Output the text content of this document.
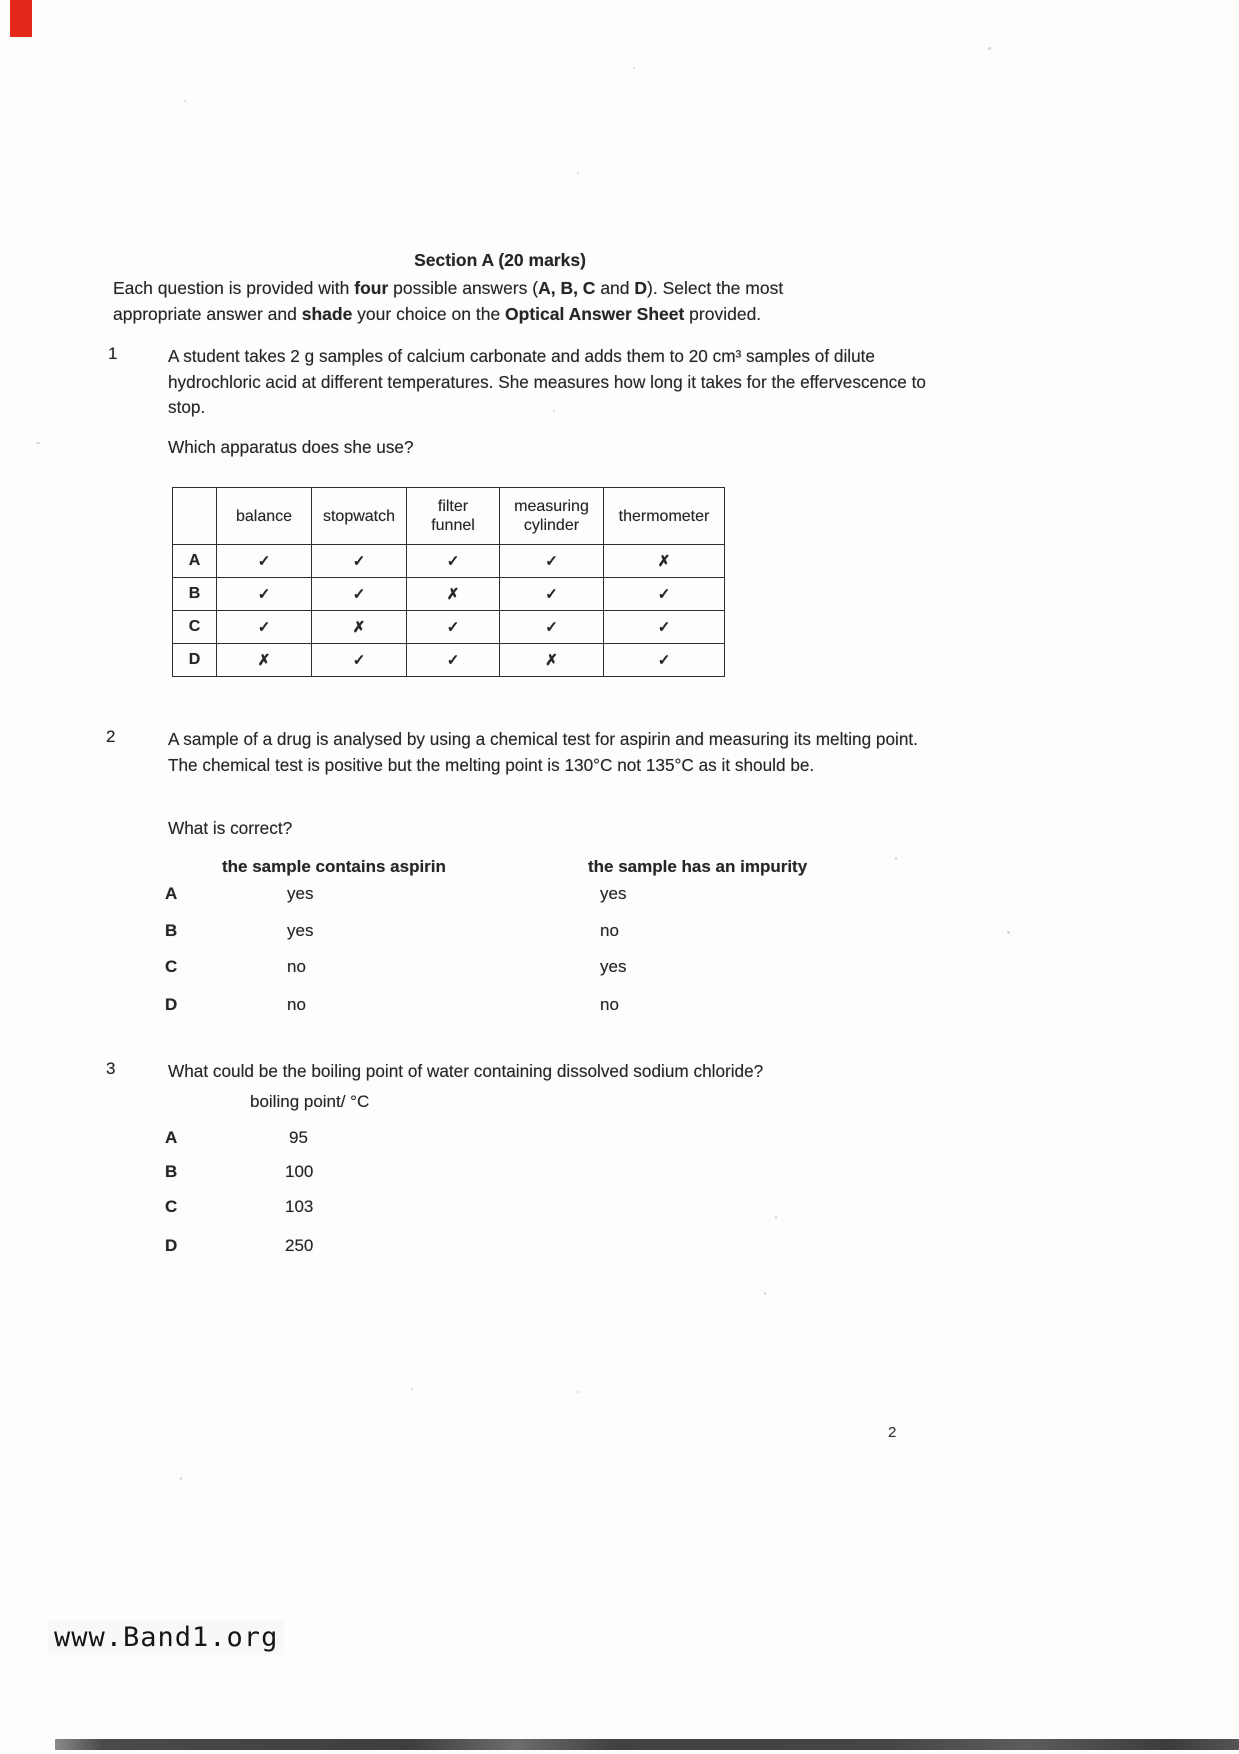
Section A (20 marks)
Each question is provided with four possible answers (A, B, C and D). Select the most appropriate answer and shade your choice on the Optical Answer Sheet provided.
1	A student takes 2 g samples of calcium carbonate and adds them to 20 cm³ samples of dilute hydrochloric acid at different temperatures. She measures how long it takes for the effervescence to stop.
Which apparatus does she use?
	balance	stopwatch	filter funnel	measuring cylinder	thermometer
A	✓	✓	✓	✓	✗
B	✓	✓	✗	✓	✓
C	✓	✗	✓	✓	✓
D	✗	✓	✓	✗	✓
2	A sample of a drug is analysed by using a chemical test for aspirin and measuring its melting point. The chemical test is positive but the melting point is 130°C not 135°C as it should be.
What is correct?
the sample contains aspirin	the sample has an impurity
A	yes	yes
B	yes	no
C	no	yes
D	no	no
3	What could be the boiling point of water containing dissolved sodium chloride?
boiling point/ °C
A	95
B	100
C	103
D	250
2
www.Band1.org
